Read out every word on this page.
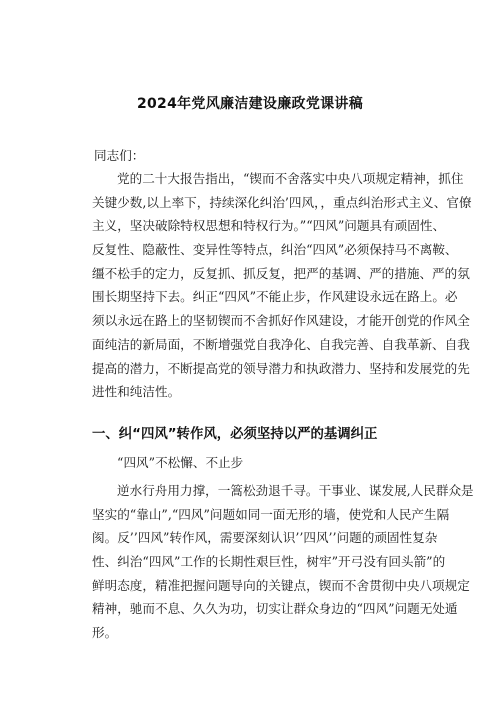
2024年党风廉洁建设廉政党课讲稿
同志们：
党的二十大报告指出，“锲而不舍落实中央八项规定精神，抓住
关键少数,以上率下，持续深化纠治’四风，，重点纠治形式主义、官僚
主义，坚决破除特权思想和特权行为。”“四风”问题具有顽固性、
反复性、隐蔽性、变异性等特点，纠治“四风”必须保持马不离鞍、
缰不松手的定力，反复抓、抓反复，把严的基调、严的措施、严的氛
围长期坚持下去。纠正“四风”不能止步，作风建设永远在路上。必
须以永远在路上的坚韧锲而不舍抓好作风建设，才能开创党的作风全
面纯洁的新局面，不断增强党自我净化、自我完善、自我革新、自我
提高的潜力，不断提高党的领导潜力和执政潜力、坚持和发展党的先
进性和纯洁性。
一、纠“四风”转作风，必须坚持以严的基调纠正
“四风”不松懈、不止步
逆水行舟用力撑，一篙松劲退千寻。干事业、谋发展,人民群众是
坚实的“靠山”,“四风”问题如同一面无形的墙，使党和人民产生隔
阂。反’’四风”转作风，需要深刻认识’’四风’’问题的顽固性复杂
性、纠治“四风”工作的长期性艰巨性，树牢”开弓没有回头箭”的
鲜明态度，精准把握问题导向的关键点，锲而不舍贯彻中央八项规定
精神，驰而不息、久久为功，切实让群众身边的“四风”问题无处遁
形。
